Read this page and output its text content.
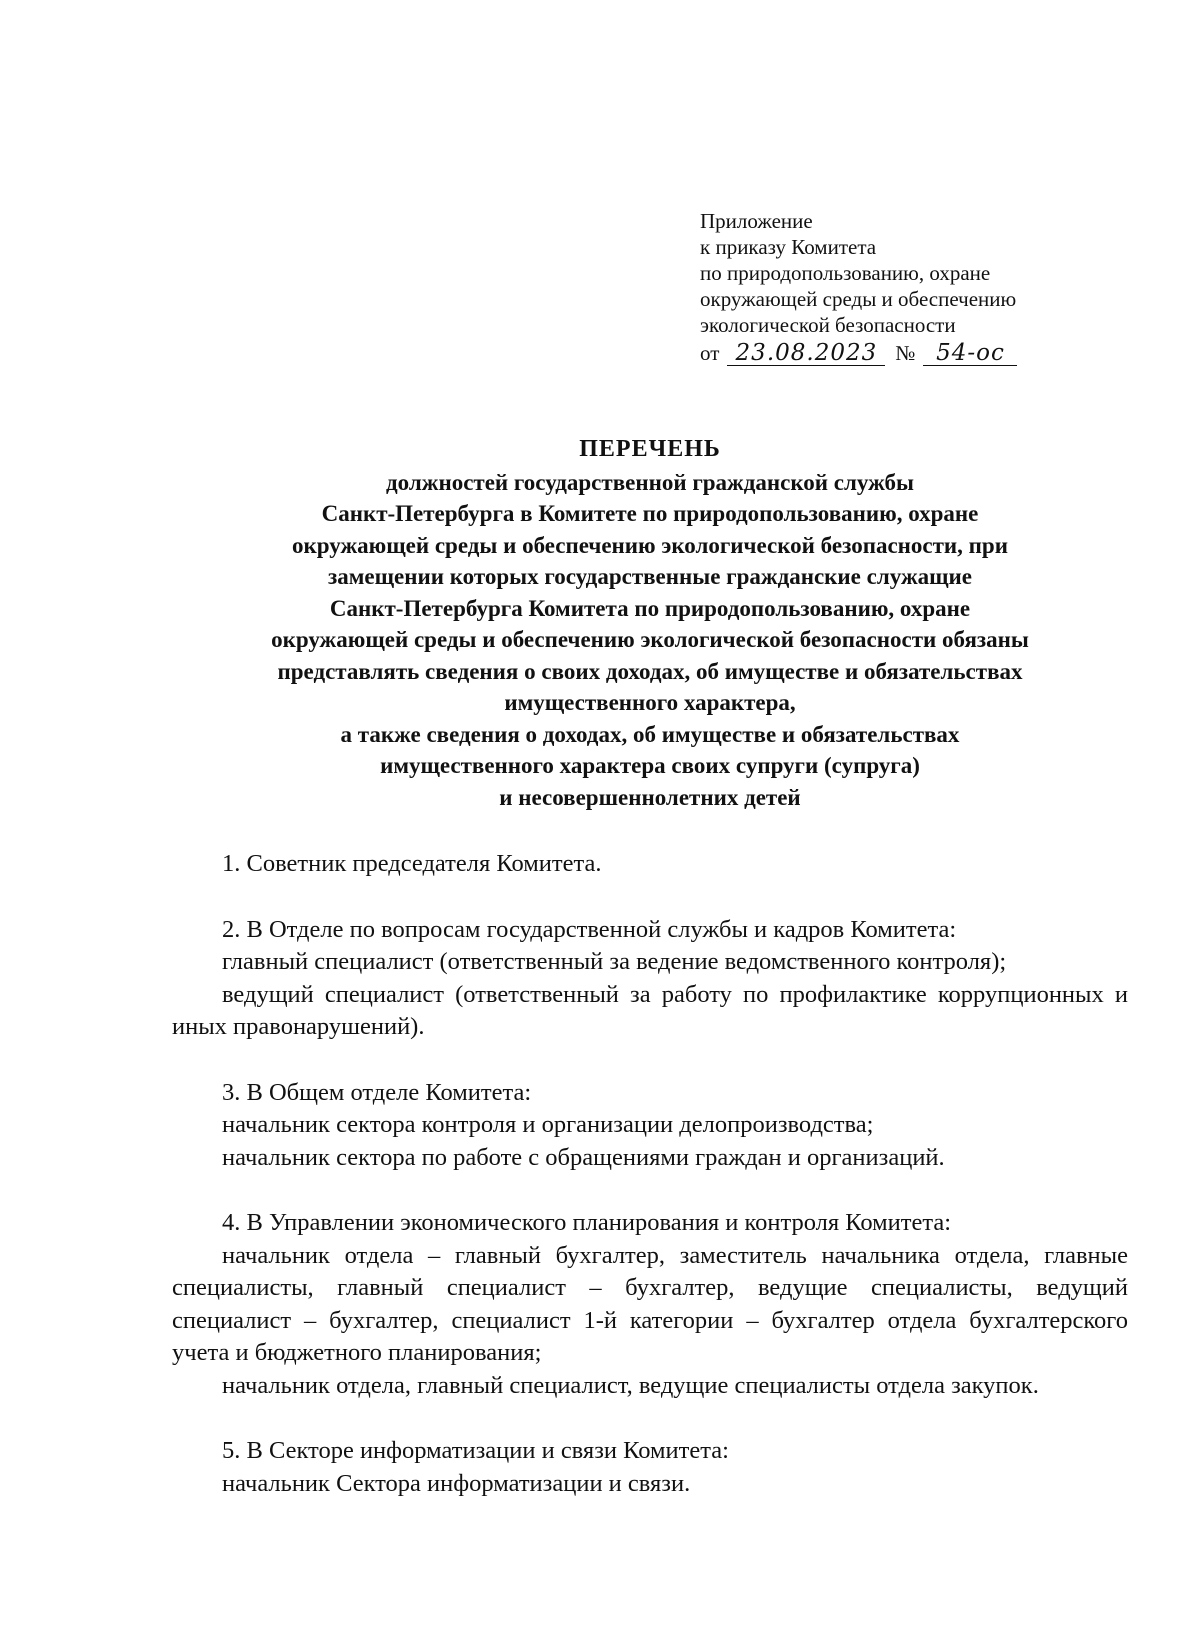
Приложение
к приказу Комитета
по природопользованию, охране
окружающей среды и обеспечению
экологической безопасности
от 23.08.2023 № 54-ос
ПЕРЕЧЕНЬ
должностей государственной гражданской службы
Санкт-Петербурга в Комитете по природопользованию, охране
окружающей среды и обеспечению экологической безопасности, при
замещении которых государственные гражданские служащие
Санкт-Петербурга Комитета по природопользованию, охране
окружающей среды и обеспечению экологической безопасности обязаны
представлять сведения о своих доходах, об имуществе и обязательствах
имущественного характера,
а также сведения о доходах, об имуществе и обязательствах
имущественного характера своих супруги (супруга)
и несовершеннолетних детей
1. Советник председателя Комитета.
2. В Отделе по вопросам государственной службы и кадров Комитета:
главный специалист (ответственный за ведение ведомственного контроля);
ведущий специалист (ответственный за работу по профилактике коррупционных и иных правонарушений).
3. В Общем отделе Комитета:
начальник сектора контроля и организации делопроизводства;
начальник сектора по работе с обращениями граждан и организаций.
4. В Управлении экономического планирования и контроля Комитета:
начальник отдела – главный бухгалтер, заместитель начальника отдела, главные специалисты, главный специалист – бухгалтер, ведущие специалисты, ведущий специалист – бухгалтер, специалист 1-й категории – бухгалтер отдела бухгалтерского учета и бюджетного планирования;
начальник отдела, главный специалист, ведущие специалисты отдела закупок.
5. В Секторе информатизации и связи Комитета:
начальник Сектора информатизации и связи.
